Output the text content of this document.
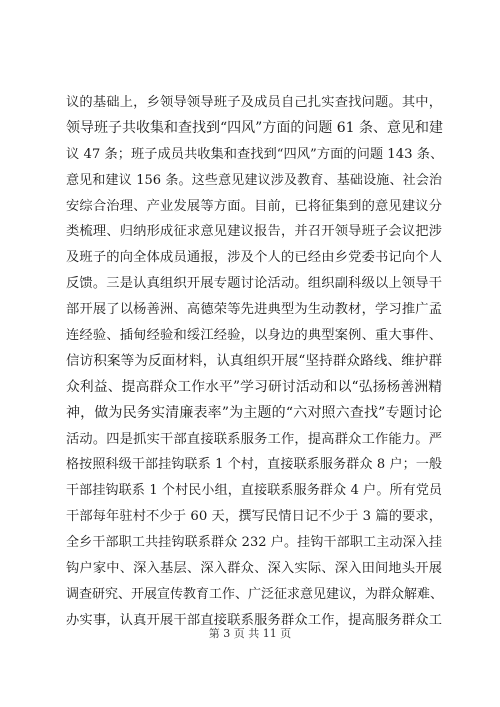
议的基础上，乡领导领导班子及成员自己扎实查找问题。其中，
领导班子共收集和查找到“四风”方面的问题 61 条、意见和建
议 47 条；班子成员共收集和查找到“四风”方面的问题 143 条、
意见和建议 156 条。这些意见建议涉及教育、基础设施、社会治
安综合治理、产业发展等方面。目前，已将征集到的意见建议分
类梳理、归纳形成征求意见建议报告，并召开领导班子会议把涉
及班子的向全体成员通报，涉及个人的已经由乡党委书记向个人
反馈。三是认真组织开展专题讨论活动。组织副科级以上领导干
部开展了以杨善洲、高德荣等先进典型为生动教材，学习推广孟
连经验、插甸经验和绥江经验，以身边的典型案例、重大事件、
信访积案等为反面材料，认真组织开展“坚持群众路线、维护群
众利益、提高群众工作水平”学习研讨活动和以“弘扬杨善洲精
神，做为民务实清廉表率”为主题的“六对照六查找”专题讨论
活动。四是抓实干部直接联系服务工作，提高群众工作能力。严
格按照科级干部挂钩联系 1 个村，直接联系服务群众 8 户；一般
干部挂钩联系 1 个村民小组，直接联系服务群众 4 户。所有党员
干部每年驻村不少于 60 天，撰写民情日记不少于 3 篇的要求，
全乡干部职工共挂钩联系群众 232 户。挂钩干部职工主动深入挂
钩户家中、深入基层、深入群众、深入实际、深入田间地头开展
调查研究、开展宣传教育工作、广泛征求意见建议，为群众解难、
办实事，认真开展干部直接联系服务群众工作，提高服务群众工
第 3 页 共 11 页
